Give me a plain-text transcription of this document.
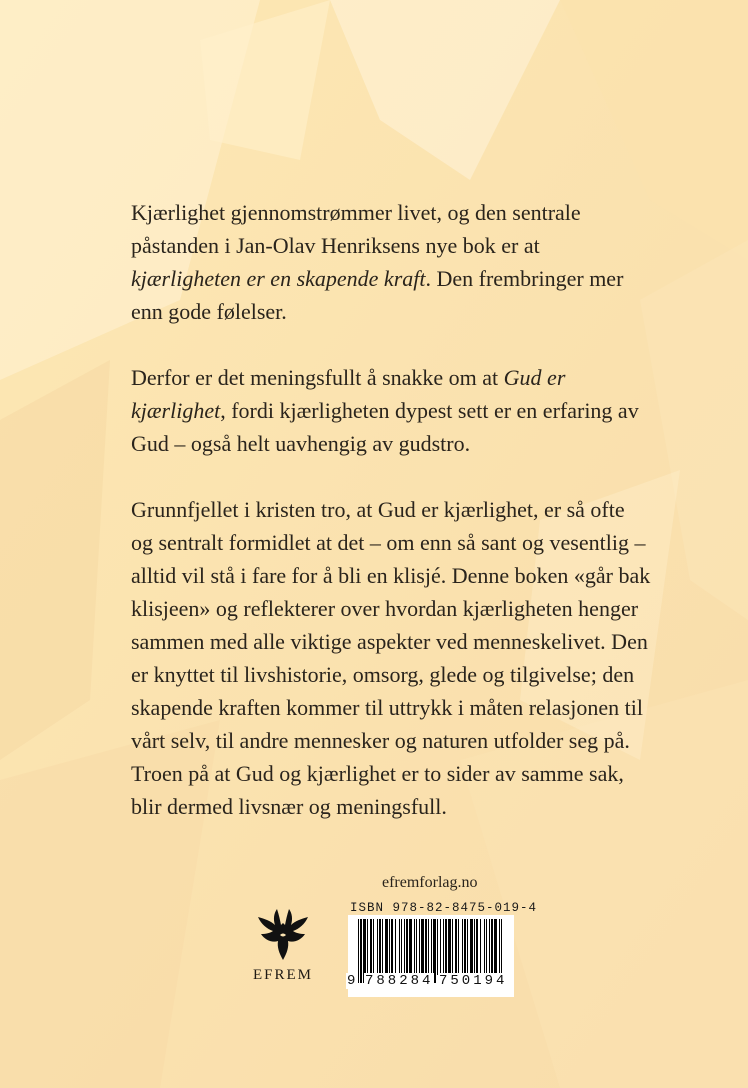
Kjærlighet gjennomstrømmer livet, og den sentrale påstanden i Jan-Olav Henriksens nye bok er at kjærligheten er en skapende kraft. Den frembringer mer enn gode følelser.

Derfor er det meningsfullt å snakke om at Gud er kjærlighet, fordi kjærligheten dypest sett er en erfaring av Gud – også helt uavhengig av gudstro.

Grunnfjellet i kristen tro, at Gud er kjærlighet, er så ofte og sentralt formidlet at det – om enn så sant og vesentlig – alltid vil stå i fare for å bli en klisjé. Denne boken «går bak klisjeen» og reflekterer over hvordan kjærligheten henger sammen med alle viktige aspekter ved menneskelivet. Den er knyttet til livshistorie, omsorg, glede og tilgivelse; den skapende kraften kommer til uttrykk i måten relasjonen til vårt selv, til andre mennesker og naturen utfolder seg på. Troen på at Gud og kjærlighet er to sider av samme sak, blir dermed livsnær og meningsfull.

efremforlag.no
EFREM
ISBN 978-82-8475-019-4
9 788284 750194
